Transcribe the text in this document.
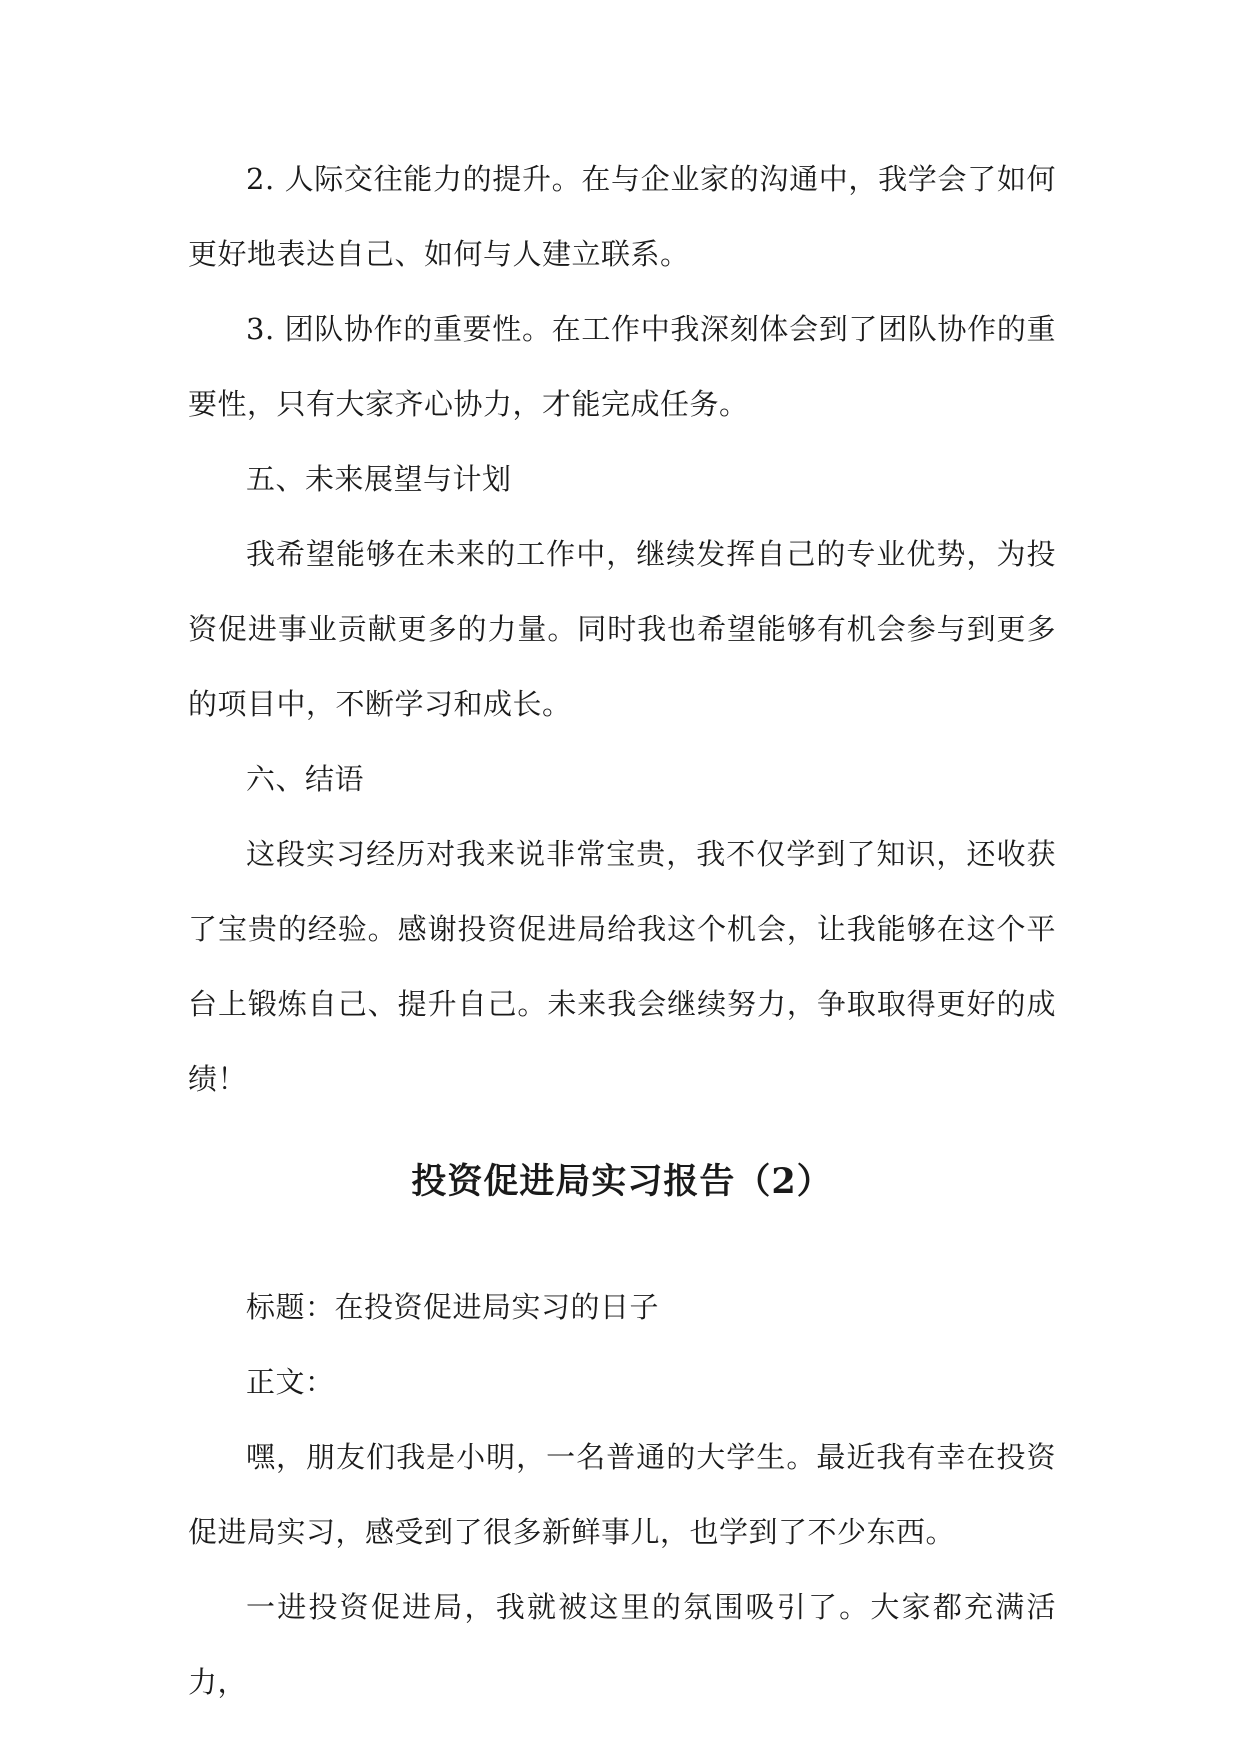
2. 人际交往能力的提升。在与企业家的沟通中，我学会了如何更好地表达自己、如何与人建立联系。

3. 团队协作的重要性。在工作中我深刻体会到了团队协作的重要性，只有大家齐心协力，才能完成任务。

五、未来展望与计划

我希望能够在未来的工作中，继续发挥自己的专业优势，为投资促进事业贡献更多的力量。同时我也希望能够有机会参与到更多的项目中，不断学习和成长。

六、结语

这段实习经历对我来说非常宝贵，我不仅学到了知识，还收获了宝贵的经验。感谢投资促进局给我这个机会，让我能够在这个平台上锻炼自己、提升自己。未来我会继续努力，争取取得更好的成绩！

投资促进局实习报告（2）

标题：在投资促进局实习的日子

正文：

嘿，朋友们我是小明，一名普通的大学生。最近我有幸在投资促进局实习，感受到了很多新鲜事儿，也学到了不少东西。

一进投资促进局，我就被这里的氛围吸引了。大家都充满活力，
